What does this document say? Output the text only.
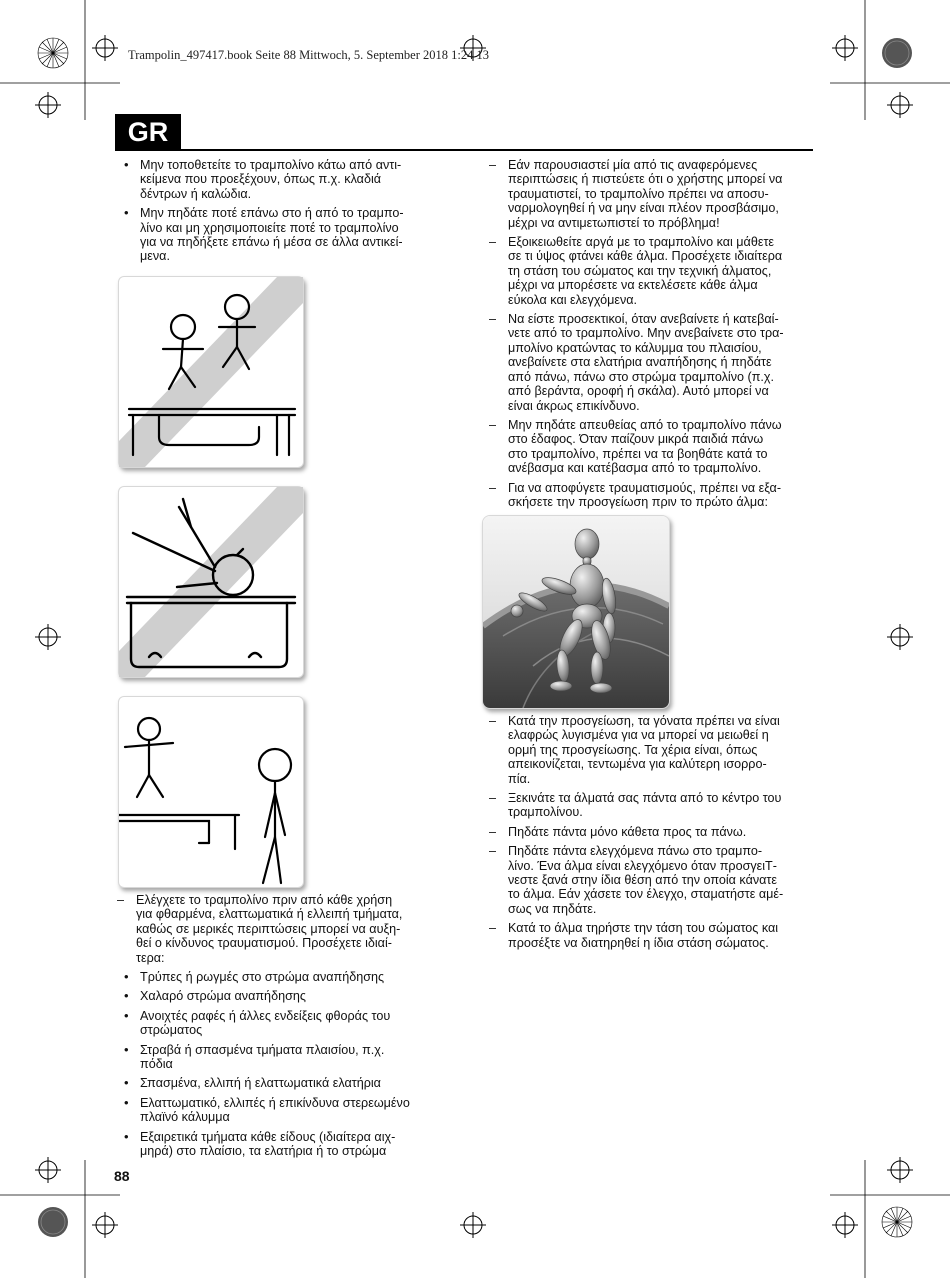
Trampolin_497417.book Seite 88 Mittwoch, 5. September 2018 1:24 13
GR
• Μην τοποθετείτε το τραμπολίνο κάτω από αντι-
κείμενα που προεξέχουν, όπως π.χ. κλαδιά
δέντρων ή καλώδια.
• Μην πηδάτε ποτέ επάνω στο ή από το τραμπο-
λίνο και μη χρησιμοποιείτε ποτέ το τραμπολίνο
για να πηδήξετε επάνω ή μέσα σε άλλα αντικεί-
μενα.
– Ελέγχετε το τραμπολίνο πριν από κάθε χρήση
για φθαρμένα, ελαττωματικά ή ελλειπή τμήματα,
καθώς σε μερικές περιπτώσεις μπορεί να αυξη-
θεί ο κίνδυνος τραυματισμού. Προσέχετε ιδιαί-
τερα:
• Τρύπες ή ρωγμές στο στρώμα αναπήδησης
• Χαλαρό στρώμα αναπήδησης
• Ανοιχτές ραφές ή άλλες ενδείξεις φθοράς του
στρώματος
• Στραβά ή σπασμένα τμήματα πλαισίου, π.χ.
πόδια
• Σπασμένα, ελλιπή ή ελαττωματικά ελατήρια
• Ελαττωματικό, ελλιπές ή επικίνδυνα στερεωμένο
πλαϊνό κάλυμμα
• Εξαιρετικά τμήματα κάθε είδους (ιδιαίτερα αιχ-
μηρά) στο πλαίσιο, τα ελατήρια ή το στρώμα
– Εάν παρουσιαστεί μία από τις αναφερόμενες
περιπτώσεις ή πιστεύετε ότι ο χρήστης μπορεί να
τραυματιστεί, το τραμπολίνο πρέπει να αποσυ-
ναρμολογηθεί ή να μην είναι πλέον προσβάσιμο,
μέχρι να αντιμετωπιστεί το πρόβλημα!
– Εξοικειωθείτε αργά με το τραμπολίνο και μάθετε
σε τι ύψος φτάνει κάθε άλμα. Προσέχετε ιδιαίτερα
τη στάση του σώματος και την τεχνική άλματος,
μέχρι να μπορέσετε να εκτελέσετε κάθε άλμα
εύκολα και ελεγχόμενα.
– Να είστε προσεκτικοί, όταν ανεβαίνετε ή κατεβαί-
νετε από το τραμπολίνο. Μην ανεβαίνετε στο τρα-
μπολίνο κρατώντας το κάλυμμα του πλαισίου,
ανεβαίνετε στα ελατήρια αναπήδησης ή πηδάτε
από πάνω, πάνω στο στρώμα τραμπολίνο (π.χ.
από βεράντα, οροφή ή σκάλα). Αυτό μπορεί να
είναι άκρως επικίνδυνο.
– Μην πηδάτε απευθείας από το τραμπολίνο πάνω
στο έδαφος. Όταν παίζουν μικρά παιδιά πάνω
στο τραμπολίνο, πρέπει να τα βοηθάτε κατά το
ανέβασμα και κατέβασμα από το τραμπολίνο.
– Για να αποφύγετε τραυματισμούς, πρέπει να εξα-
σκήσετε την προσγείωση πριν το πρώτο άλμα:
– Κατά την προσγείωση, τα γόνατα πρέπει να είναι
ελαφρώς λυγισμένα για να μπορεί να μειωθεί η
ορμή της προσγείωσης. Τα χέρια είναι, όπως
απεικονίζεται, τεντωμένα για καλύτερη ισορρο-
πία.
– Ξεκινάτε τα άλματά σας πάντα από το κέντρο του
τραμπολίνου.
– Πηδάτε πάντα μόνο κάθετα προς τα πάνω.
– Πηδάτε πάντα ελεγχόμενα πάνω στο τραμπο-
λίνο. Ένα άλμα είναι ελεγχόμενο όταν προσγειΤ-
νεστε ξανά στην ίδια θέση από την οποία κάνατε
το άλμα. Εάν χάσετε τον έλεγχο, σταματήστε αμέ-
σως να πηδάτε.
– Κατά το άλμα τηρήστε την τάση του σώματος και
προσέξτε να διατηρηθεί η ίδια στάση σώματος.
88
